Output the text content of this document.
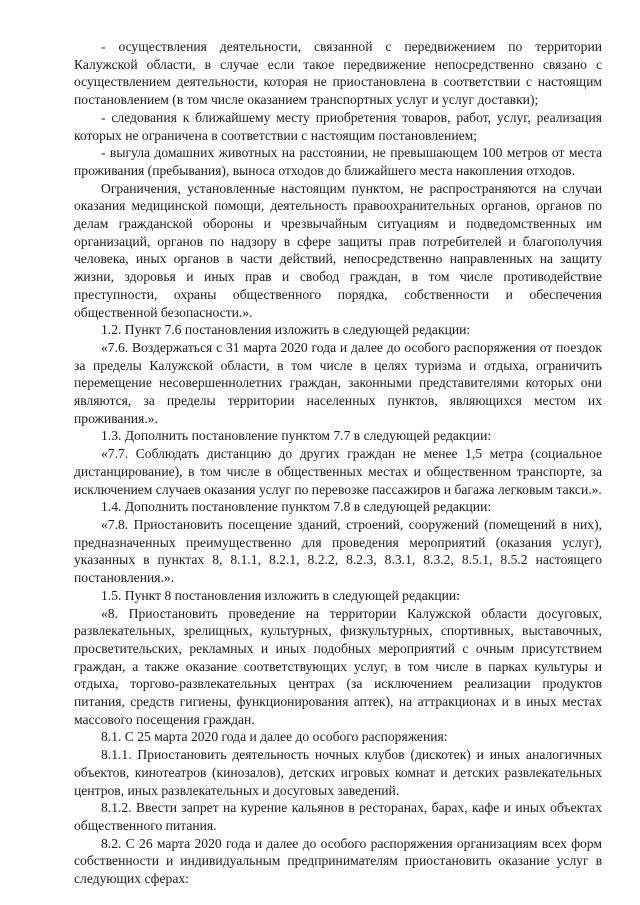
- осуществления деятельности, связанной с передвижением по территории Калужской области, в случае если такое передвижение непосредственно связано с осуществлением деятельности, которая не приостановлена в соответствии с настоящим постановлением (в том числе оказанием транспортных услуг и услуг доставки);

- следования к ближайшему месту приобретения товаров, работ, услуг, реализация которых не ограничена в соответствии с настоящим постановлением;

- выгула домашних животных на расстоянии, не превышающем 100 метров от места проживания (пребывания), выноса отходов до ближайшего места накопления отходов.

Ограничения, установленные настоящим пунктом, не распространяются на случаи оказания медицинской помощи, деятельность правоохранительных органов, органов по делам гражданской обороны и чрезвычайным ситуациям и подведомственных им организаций, органов по надзору в сфере защиты прав потребителей и благополучия человека, иных органов в части действий, непосредственно направленных на защиту жизни, здоровья и иных прав и свобод граждан, в том числе противодействие преступности, охраны общественного порядка, собственности и обеспечения общественной безопасности.».

1.2. Пункт 7.6 постановления изложить в следующей редакции:

«7.6. Воздержаться с 31 марта 2020 года и далее до особого распоряжения от поездок за пределы Калужской области, в том числе в целях туризма и отдыха, ограничить перемещение несовершеннолетних граждан, законными представителями которых они являются, за пределы территории населенных пунктов, являющихся местом их проживания.».

1.3. Дополнить постановление пунктом 7.7 в следующей редакции:

«7.7. Соблюдать дистанцию до других граждан не менее 1,5 метра (социальное дистанцирование), в том числе в общественных местах и общественном транспорте, за исключением случаев оказания услуг по перевозке пассажиров и багажа легковым такси.».

1.4. Дополнить постановление пунктом 7.8 в следующей редакции:

«7.8. Приостановить посещение зданий, строений, сооружений (помещений в них), предназначенных преимущественно для проведения мероприятий (оказания услуг), указанных в пунктах 8, 8.1.1, 8.2.1, 8.2.2, 8.2.3, 8.3.1, 8.3.2, 8.5.1, 8.5.2 настоящего постановления.».

1.5. Пункт 8 постановления изложить в следующей редакции:

«8. Приостановить проведение на территории Калужской области досуговых, развлекательных, зрелищных, культурных, физкультурных, спортивных, выставочных, просветительских, рекламных и иных подобных мероприятий с очным присутствием граждан, а также оказание соответствующих услуг, в том числе в парках культуры и отдыха, торгово-развлекательных центрах (за исключением реализации продуктов питания, средств гигиены, функционирования аптек), на аттракционах и в иных местах массового посещения граждан.

8.1. С 25 марта 2020 года и далее до особого распоряжения:

8.1.1. Приостановить деятельность ночных клубов (дискотек) и иных аналогичных объектов, кинотеатров (кинозалов), детских игровых комнат и детских развлекательных центров, иных развлекательных и досуговых заведений.

8.1.2. Ввести запрет на курение кальянов в ресторанах, барах, кафе и иных объектах общественного питания.

8.2. С 26 марта 2020 года и далее до особого распоряжения организациям всех форм собственности и индивидуальным предпринимателям приостановить оказание услуг в следующих сферах:
